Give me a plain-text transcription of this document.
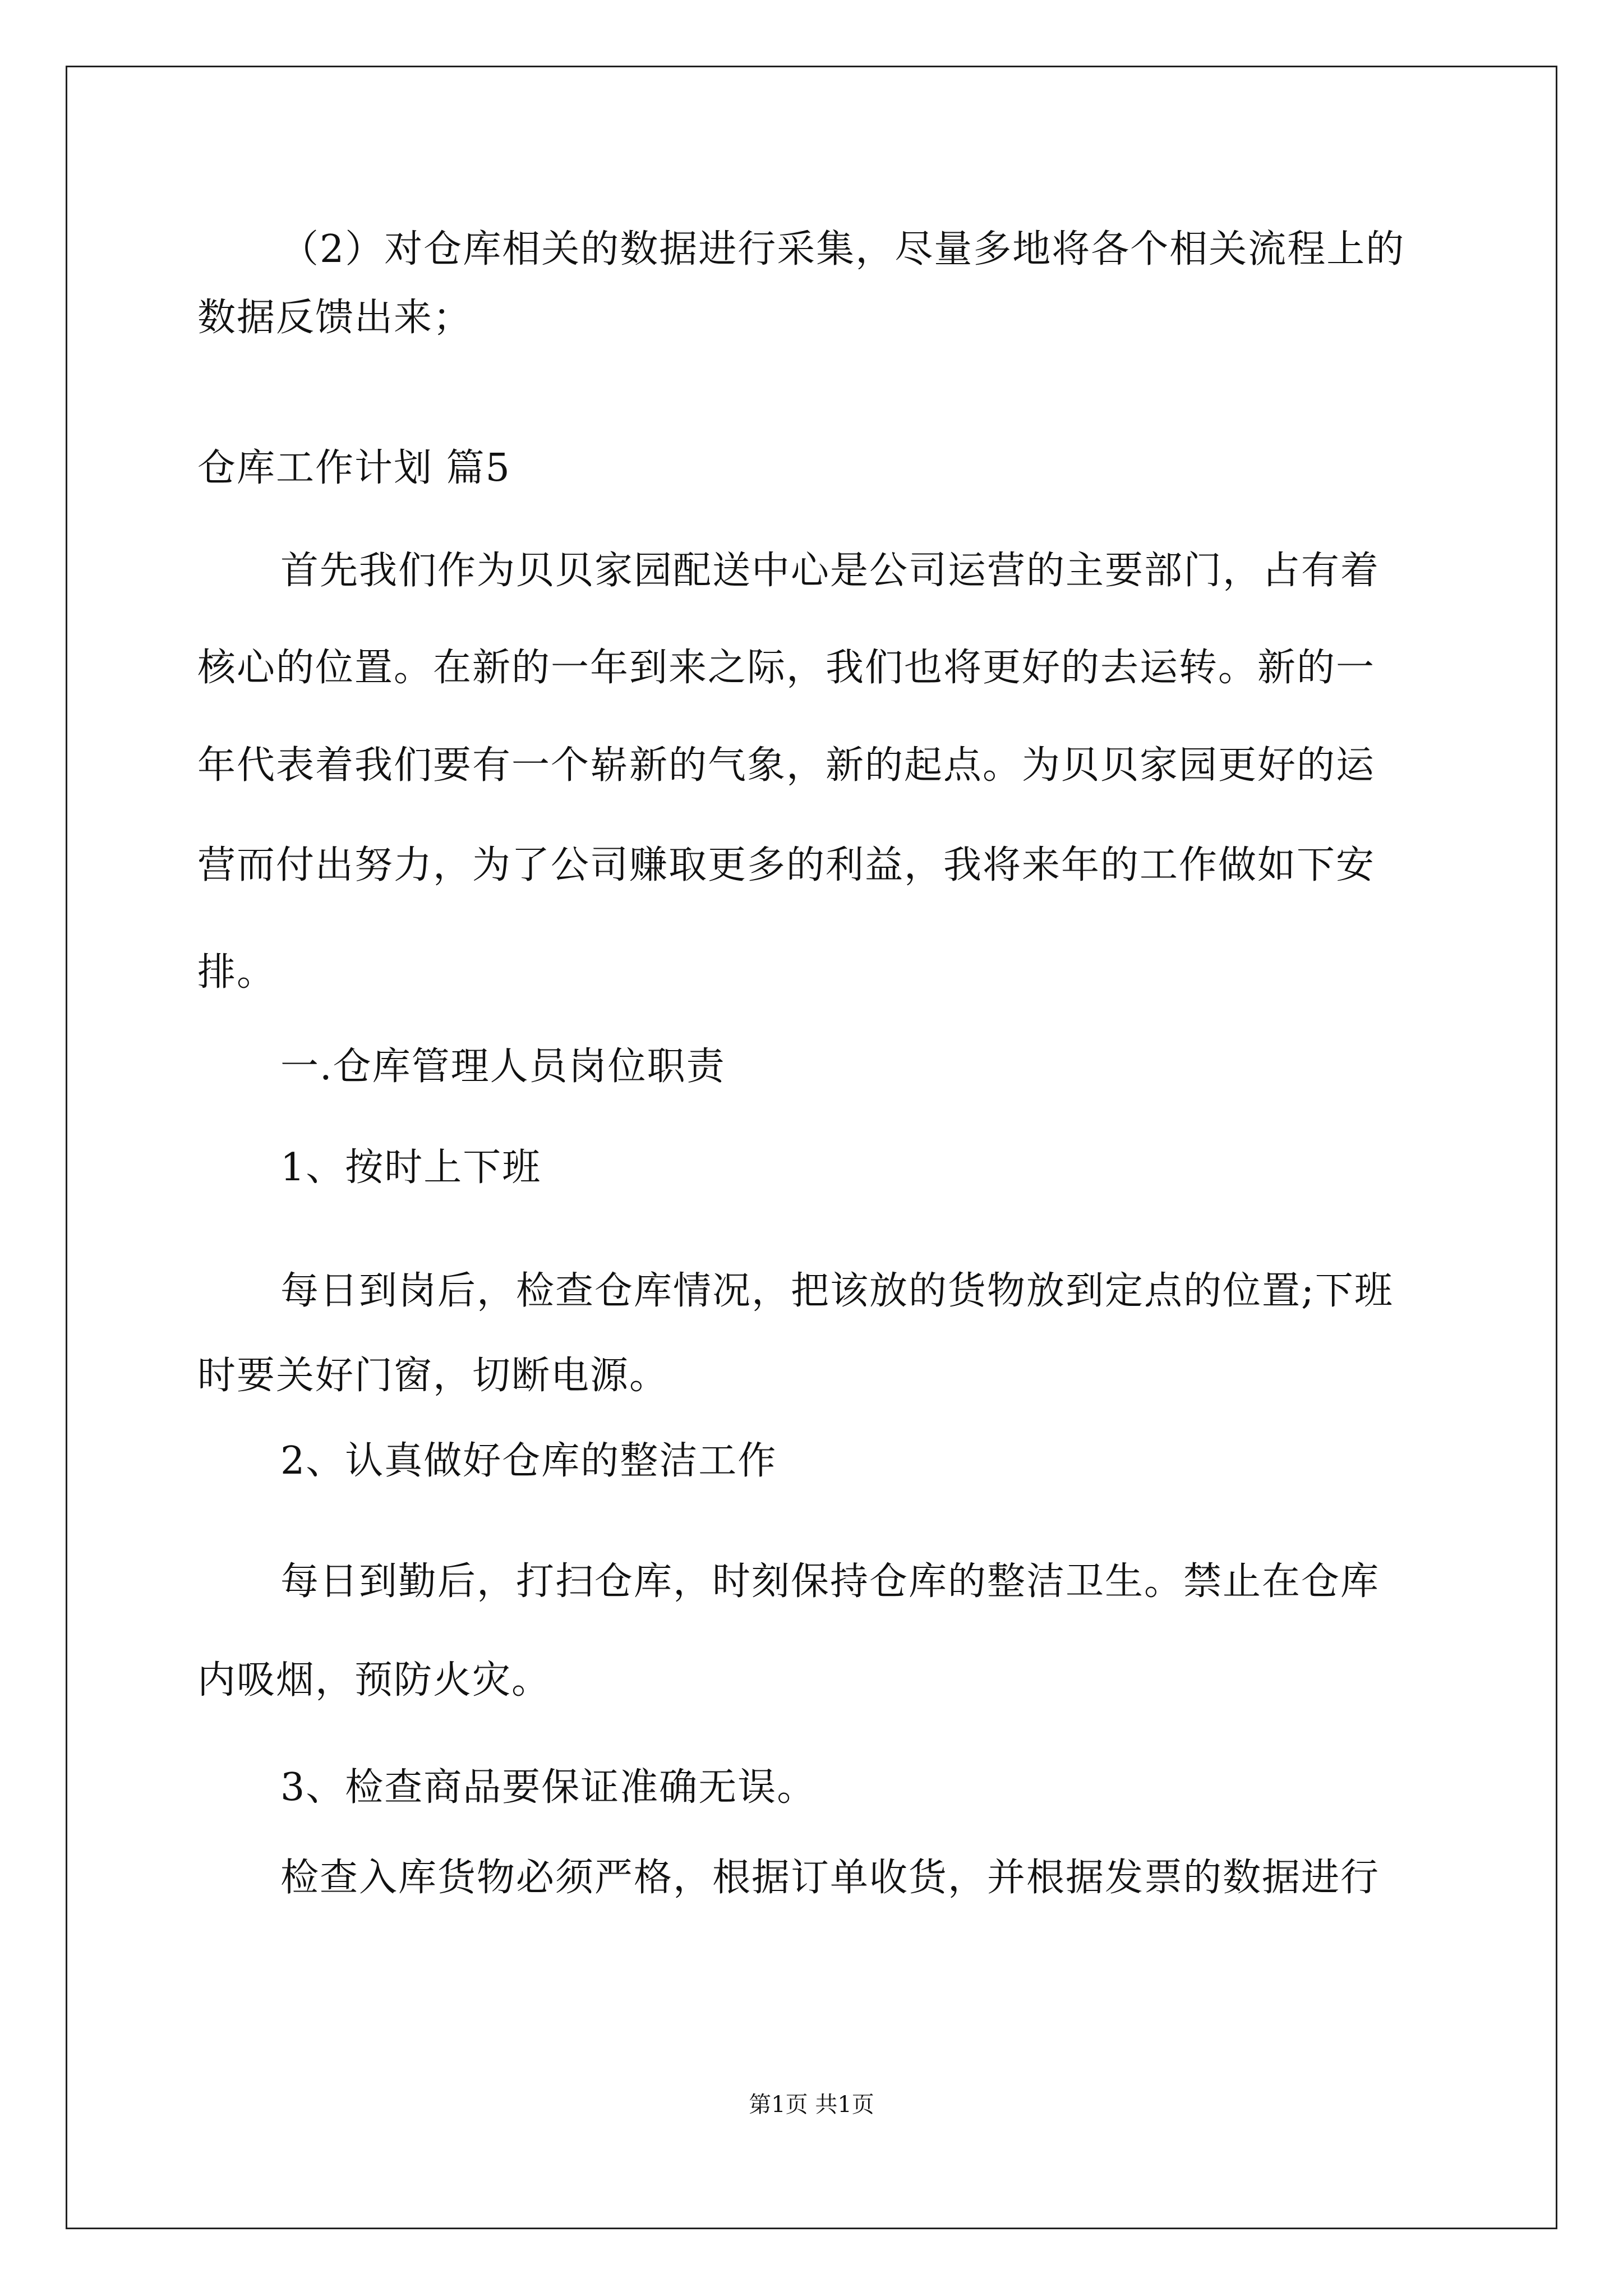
（2）对仓库相关的数据进行采集，尽量多地将各个相关流程上的
数据反馈出来；
仓库工作计划 篇5
首先我们作为贝贝家园配送中心是公司运营的主要部门，占有着
核心的位置。在新的一年到来之际，我们也将更好的去运转。新的一
年代表着我们要有一个崭新的气象，新的起点。为贝贝家园更好的运
营而付出努力，为了公司赚取更多的利益，我将来年的工作做如下安
排。
一.仓库管理人员岗位职责
1、按时上下班
每日到岗后，检查仓库情况，把该放的货物放到定点的位置;下班
时要关好门窗，切断电源。
2、认真做好仓库的整洁工作
每日到勤后，打扫仓库，时刻保持仓库的整洁卫生。禁止在仓库
内吸烟，预防火灾。
3、检查商品要保证准确无误。
检查入库货物必须严格，根据订单收货，并根据发票的数据进行
第1页 共1页
